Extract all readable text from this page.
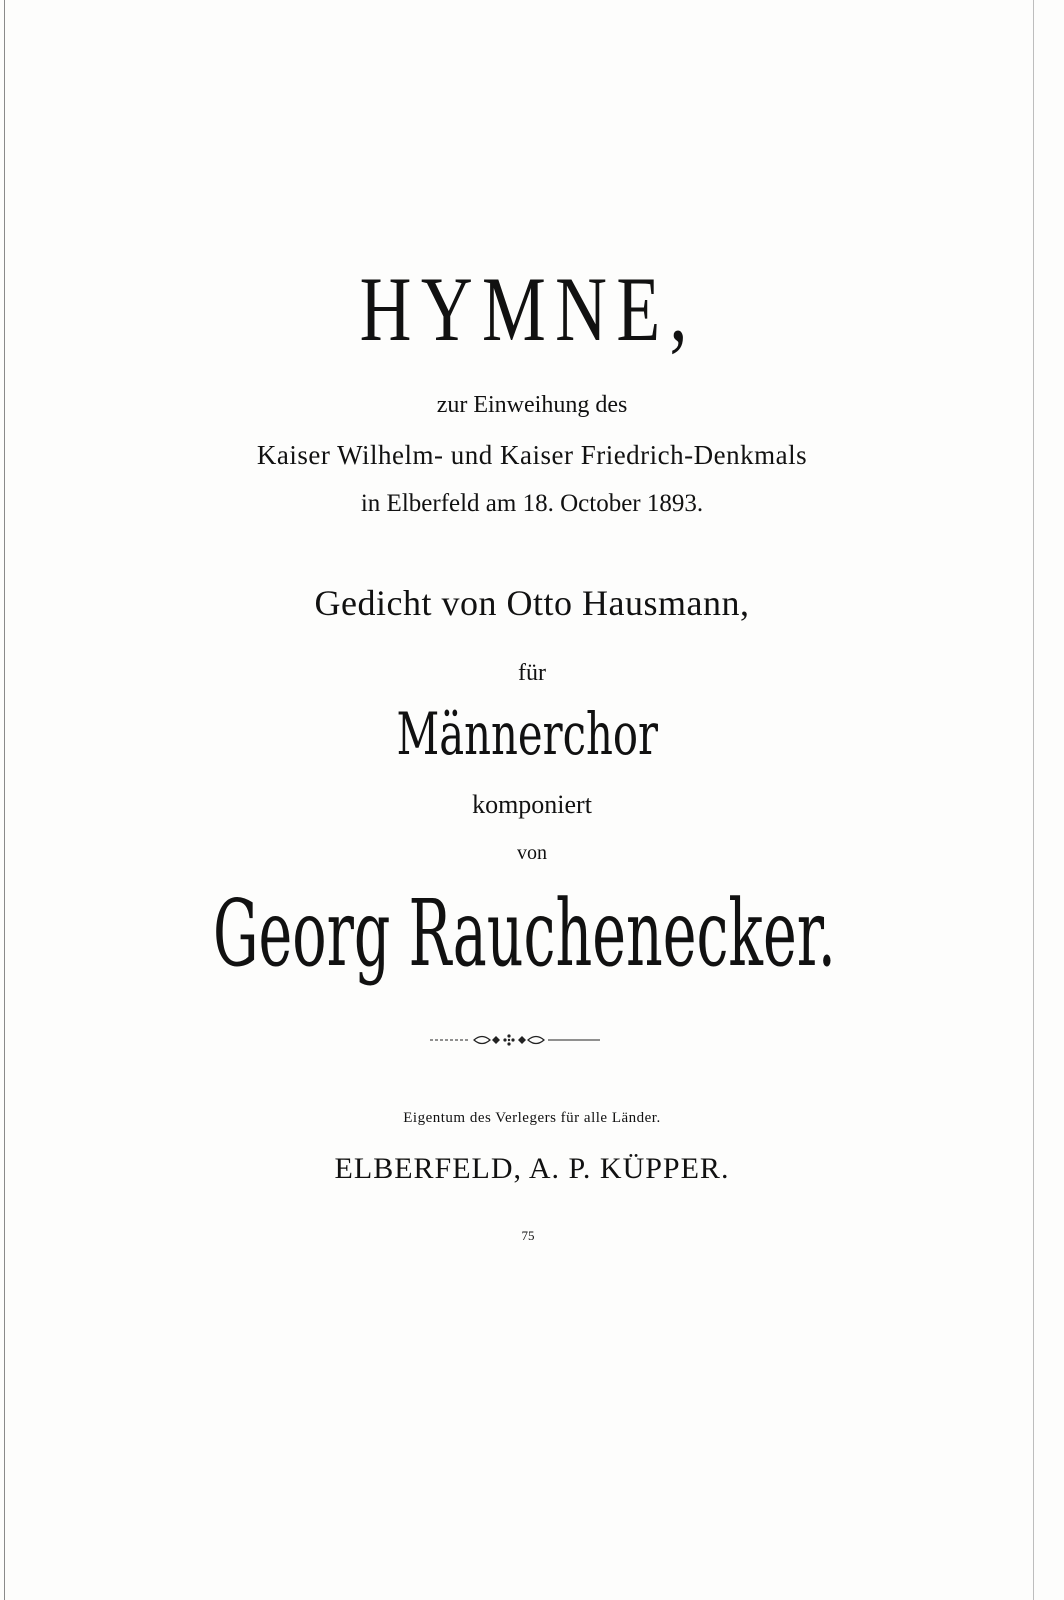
HYMNE,
zur Einweihung des
Kaiser Wilhelm- und Kaiser Friedrich-Denkmals
in Elberfeld am 18. October 1893.
Gedicht von Otto Hausmann,
für
Männerchor
komponiert
von
Georg Rauchenecker.
Eigentum des Verlegers für alle Länder.
ELBERFELD, A. P. KÜPPER.
75
